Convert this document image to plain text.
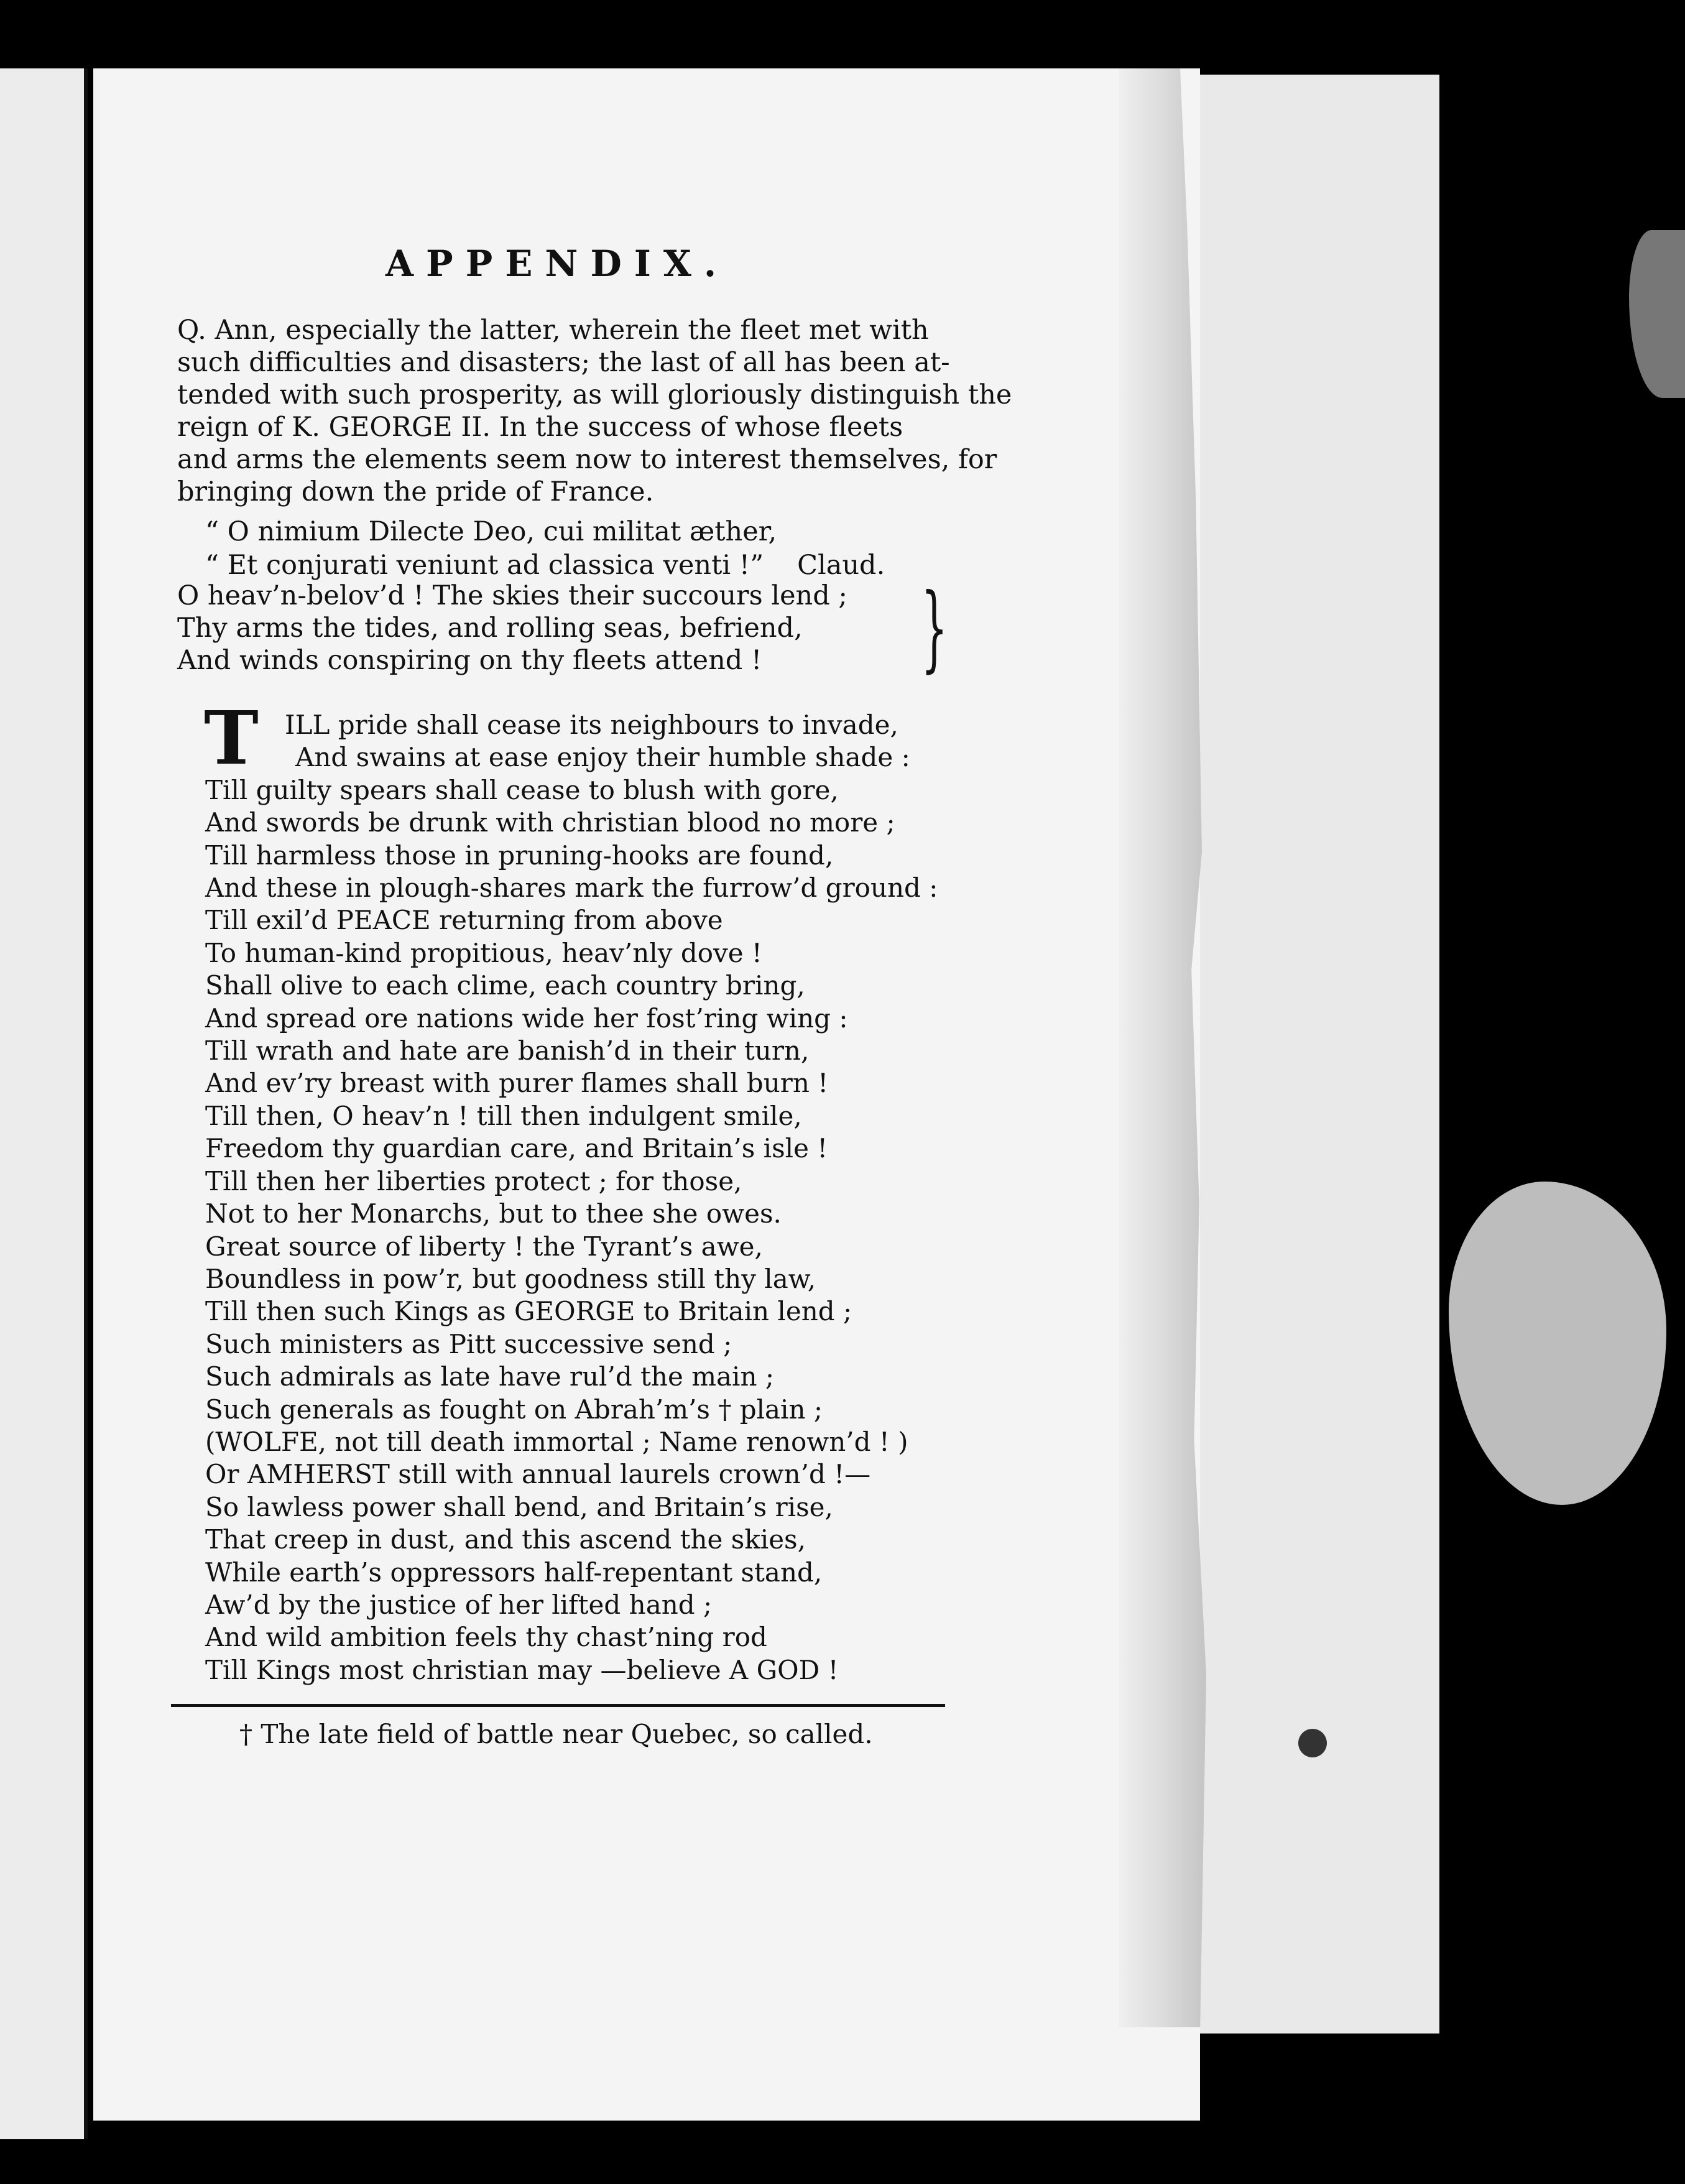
APPENDIX.
Q. Ann, especially the latter, wherein the fleet met with
such difficulties and disasters; the last of all has been at-
tended with such prosperity, as will gloriously distinguish the
reign of K. GEORGE II. In the success of whose fleets
and arms the elements seem now to interest themselves, for
bringing down the pride of France.
“ O nimium Dilecte Deo, cui militat æther,
“ Et conjurati veniunt ad classica venti !” Claud.
O heav’n-belov’d ! The skies their succours lend ;
Thy arms the tides, and rolling seas, befriend,
And winds conspiring on thy fleets attend !	}
T ILL pride shall cease its neighbours to invade,
And swains at ease enjoy their humble shade :
Till guilty spears shall cease to blush with gore,
And swords be drunk with christian blood no more ;
Till harmless those in pruning-hooks are found,
And these in plough-shares mark the furrow’d ground :
Till exil’d PEACE returning from above
To human-kind propitious, heav’nly dove !
Shall olive to each clime, each country bring,
And spread ore nations wide her fost’ring wing :
Till wrath and hate are banish’d in their turn,
And ev’ry breast with purer flames shall burn !
Till then, O heav’n ! till then indulgent smile,
Freedom thy guardian care, and Britain’s isle !
Till then her liberties protect ; for those,
Not to her Monarchs, but to thee she owes.
Great source of liberty ! the Tyrant’s awe,
Boundless in pow’r, but goodness still thy law,
Till then such Kings as GEORGE to Britain lend ;
Such ministers as Pitt successive send ;
Such admirals as late have rul’d the main ;
Such generals as fought on Abrah’m’s † plain ;
(WOLFE, not till death immortal ; Name renown’d ! )
Or AMHERST still with annual laurels crown’d !—
So lawless power shall bend, and Britain’s rise,
That creep in dust, and this ascend the skies,
While earth’s oppressors half-repentant stand,
Aw’d by the justice of her lifted hand ;
And wild ambition feels thy chast’ning rod
Till Kings most christian may —believe A GOD !
† The late field of battle near Quebec, so called.
